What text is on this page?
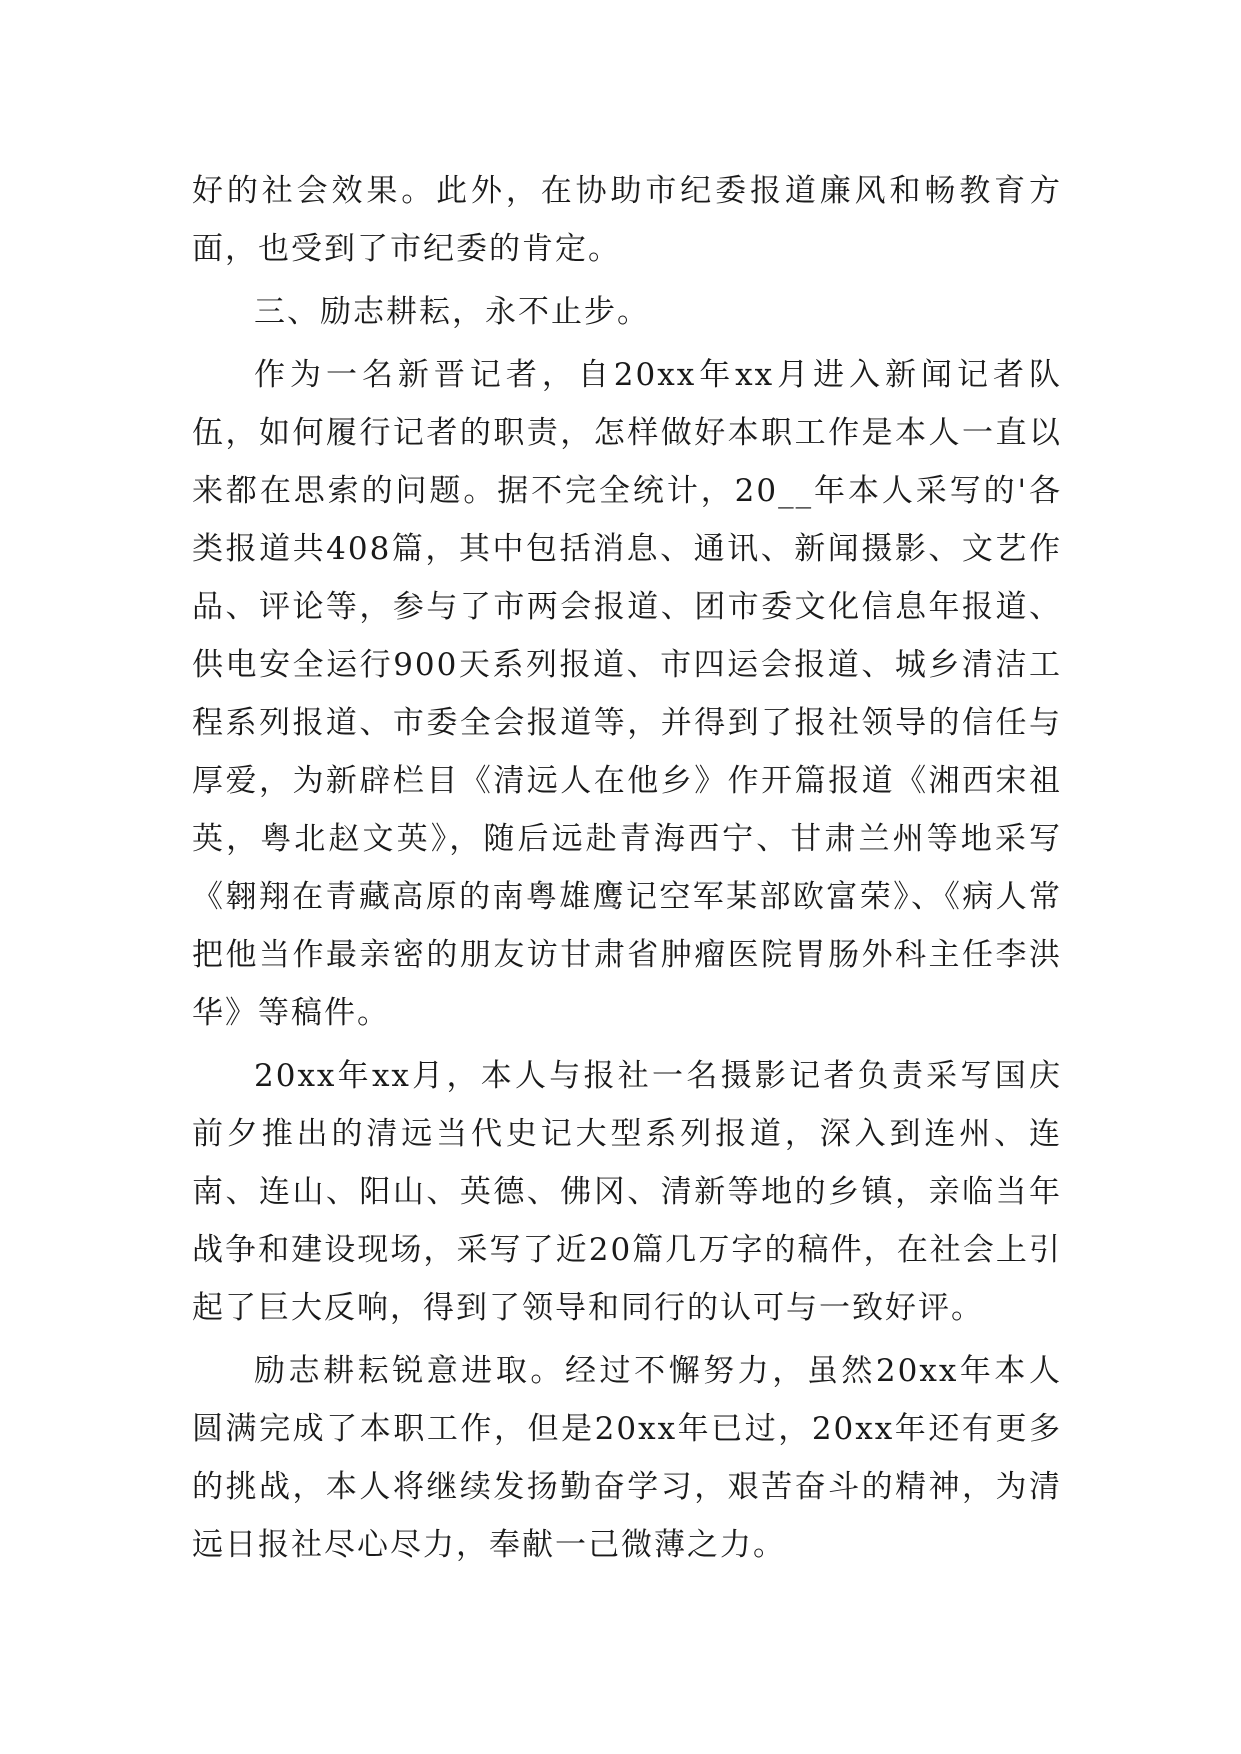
好的社会效果。此外，在协助市纪委报道廉风和畅教育方面，也受到了市纪委的肯定。

三、励志耕耘，永不止步。

作为一名新晋记者，自20xx年xx月进入新闻记者队伍，如何履行记者的职责，怎样做好本职工作是本人一直以来都在思索的问题。据不完全统计，20__年本人采写的'各类报道共408篇，其中包括消息、通讯、新闻摄影、文艺作品、评论等，参与了市两会报道、团市委文化信息年报道、供电安全运行900天系列报道、市四运会报道、城乡清洁工程系列报道、市委全会报道等，并得到了报社领导的信任与厚爱，为新辟栏目《清远人在他乡》作开篇报道《湘西宋祖英，粤北赵文英》，随后远赴青海西宁、甘肃兰州等地采写《翱翔在青藏高原的南粤雄鹰记空军某部欧富荣》、《病人常把他当作最亲密的朋友访甘肃省肿瘤医院胃肠外科主任李洪华》等稿件。

20xx年xx月，本人与报社一名摄影记者负责采写国庆前夕推出的清远当代史记大型系列报道，深入到连州、连南、连山、阳山、英德、佛冈、清新等地的乡镇，亲临当年战争和建设现场，采写了近20篇几万字的稿件，在社会上引起了巨大反响，得到了领导和同行的认可与一致好评。

励志耕耘锐意进取。经过不懈努力，虽然20xx年本人圆满完成了本职工作，但是20xx年已过，20xx年还有更多的挑战，本人将继续发扬勤奋学习，艰苦奋斗的精神，为清远日报社尽心尽力，奉献一己微薄之力。
